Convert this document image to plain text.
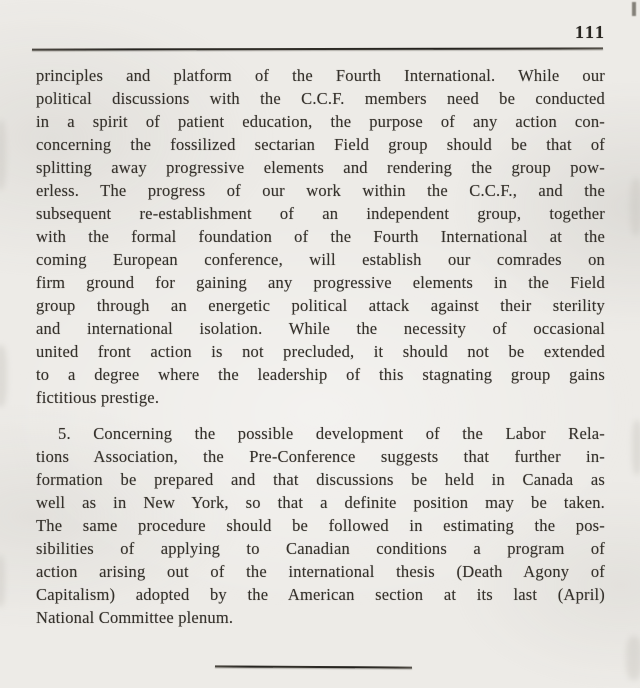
111
principles and platform of the Fourth International. While our
political discussions with the C.C.F. members need be conducted
in a spirit of patient education, the purpose of any action con-
concerning the fossilized sectarian Field group should be that of
splitting away progressive elements and rendering the group pow-
erless. The progress of our work within the C.C.F., and the
subsequent re-establishment of an independent group, together
with the formal foundation of the Fourth International at the
coming European conference, will establish our comrades on
firm ground for gaining any progressive elements in the Field
group through an energetic political attack against their sterility
and international isolation. While the necessity of occasional
united front action is not precluded, it should not be extended
to a degree where the leadership of this stagnating group gains
fictitious prestige.
5. Concerning the possible development of the Labor Rela-
tions Association, the Pre-Conference suggests that further in-
formation be prepared and that discussions be held in Canada as
well as in New York, so that a definite position may be taken.
The same procedure should be followed in estimating the pos-
sibilities of applying to Canadian conditions a program of
action arising out of the international thesis (Death Agony of
Capitalism) adopted by the American section at its last (April)
National Committee plenum.
